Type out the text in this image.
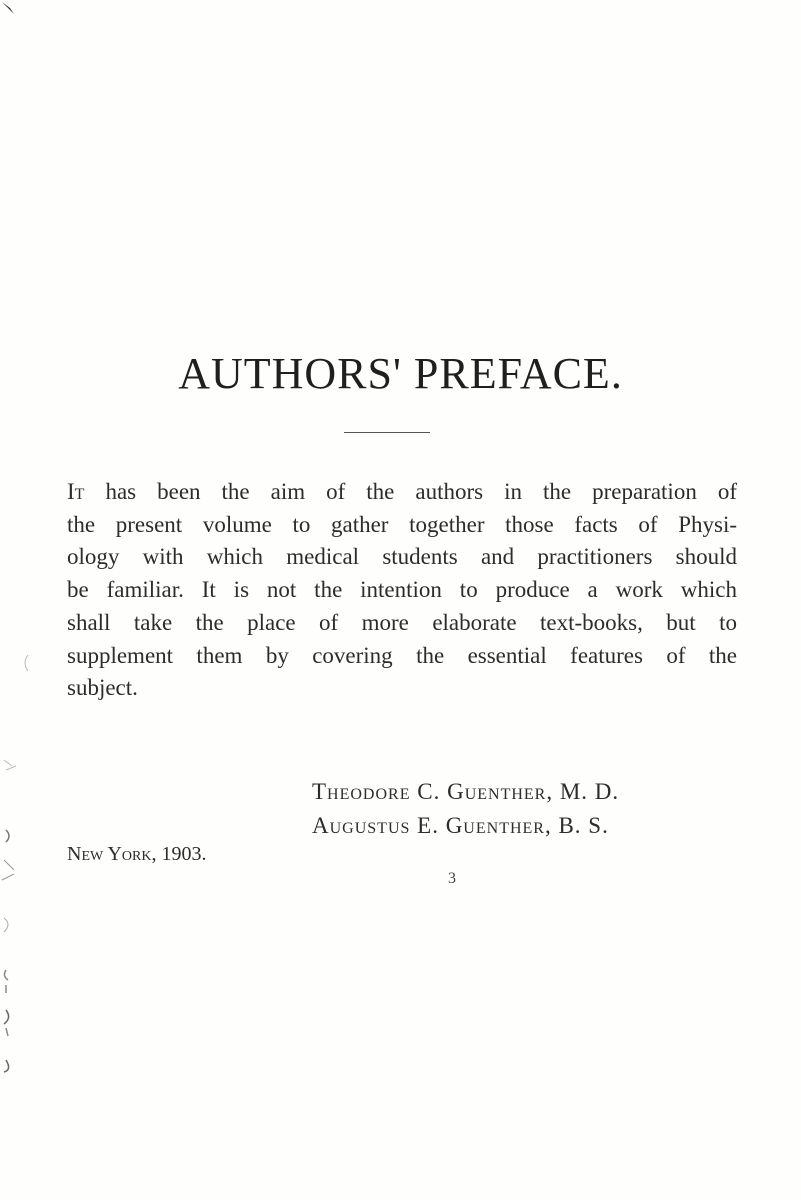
AUTHORS' PREFACE.
It has been the aim of the authors in the preparation of
the present volume to gather together those facts of Physi-
ology with which medical students and practitioners should
be familiar. It is not the intention to produce a work which
shall take the place of more elaborate text-books, but to
supplement them by covering the essential features of the
subject.
Theodore C. Guenther, M. D.
Augustus E. Guenther, B. S.
New York, 1903.
3
